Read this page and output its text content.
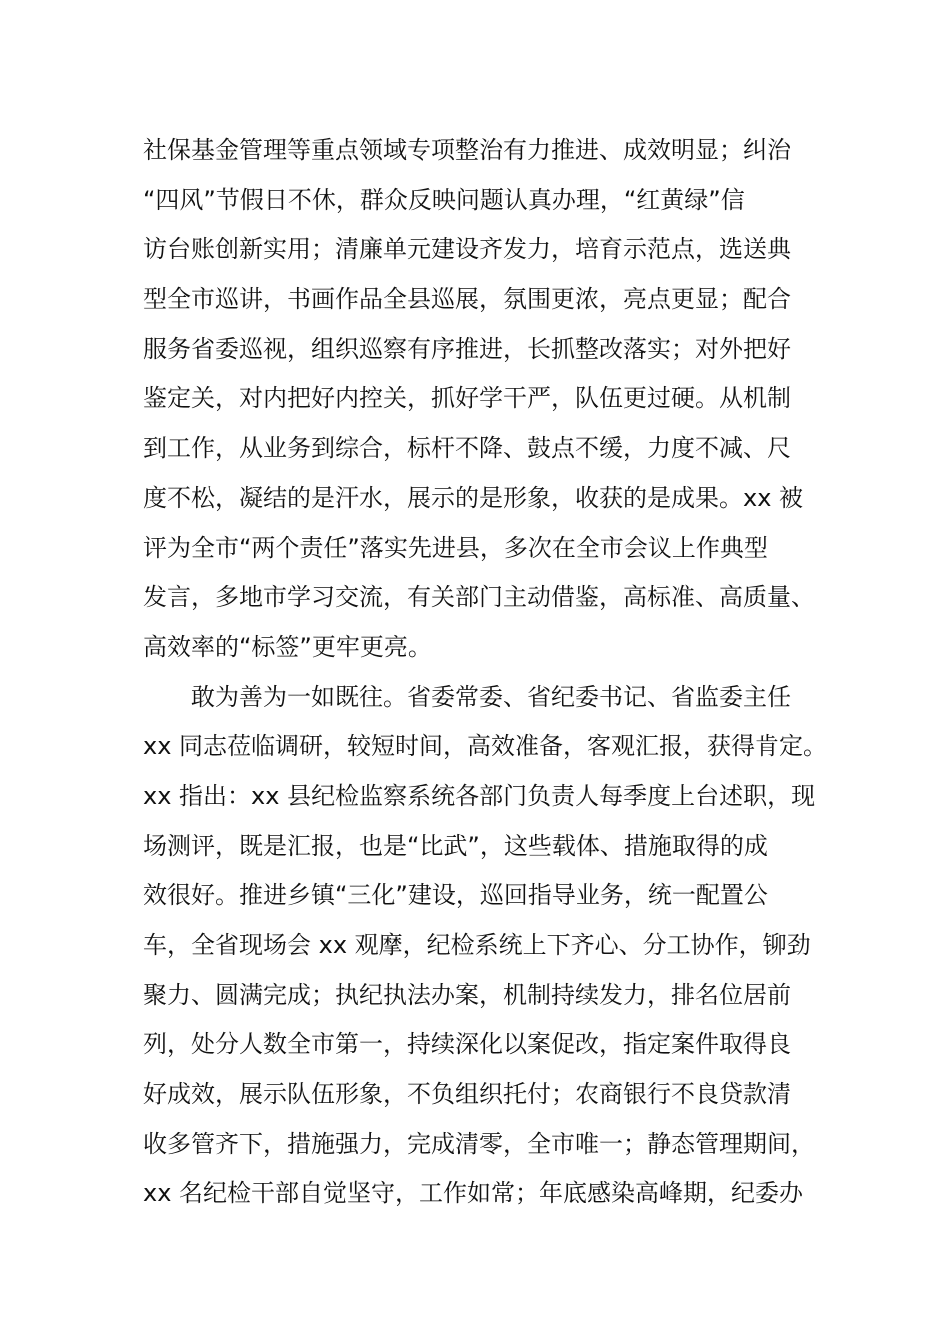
社保基金管理等重点领域专项整治有力推进、成效明显；纠治

“四风”节假日不休，群众反映问题认真办理，“红黄绿”信

访台账创新实用；清廉单元建设齐发力，培育示范点，选送典

型全市巡讲，书画作品全县巡展，氛围更浓，亮点更显；配合

服务省委巡视，组织巡察有序推进，长抓整改落实；对外把好

鉴定关，对内把好内控关，抓好学干严，队伍更过硬。从机制

到工作，从业务到综合，标杆不降、鼓点不缓，力度不减、尺

度不松，凝结的是汗水，展示的是形象，收获的是成果。xx 被

评为全市“两个责任”落实先进县，多次在全市会议上作典型

发言，多地市学习交流，有关部门主动借鉴，高标准、高质量、

高效率的“标签”更牢更亮。

敢为善为一如既往。省委常委、省纪委书记、省监委主任

xx 同志莅临调研，较短时间，高效准备，客观汇报，获得肯定。

xx 指出：xx 县纪检监察系统各部门负责人每季度上台述职，现

场测评，既是汇报，也是“比武”，这些载体、措施取得的成

效很好。推进乡镇“三化”建设，巡回指导业务，统一配置公

车，全省现场会 xx 观摩，纪检系统上下齐心、分工协作，铆劲

聚力、圆满完成；执纪执法办案，机制持续发力，排名位居前

列，处分人数全市第一，持续深化以案促改，指定案件取得良

好成效，展示队伍形象，不负组织托付；农商银行不良贷款清

收多管齐下，措施强力，完成清零，全市唯一；静态管理期间，

xx 名纪检干部自觉坚守，工作如常；年底感染高峰期，纪委办
